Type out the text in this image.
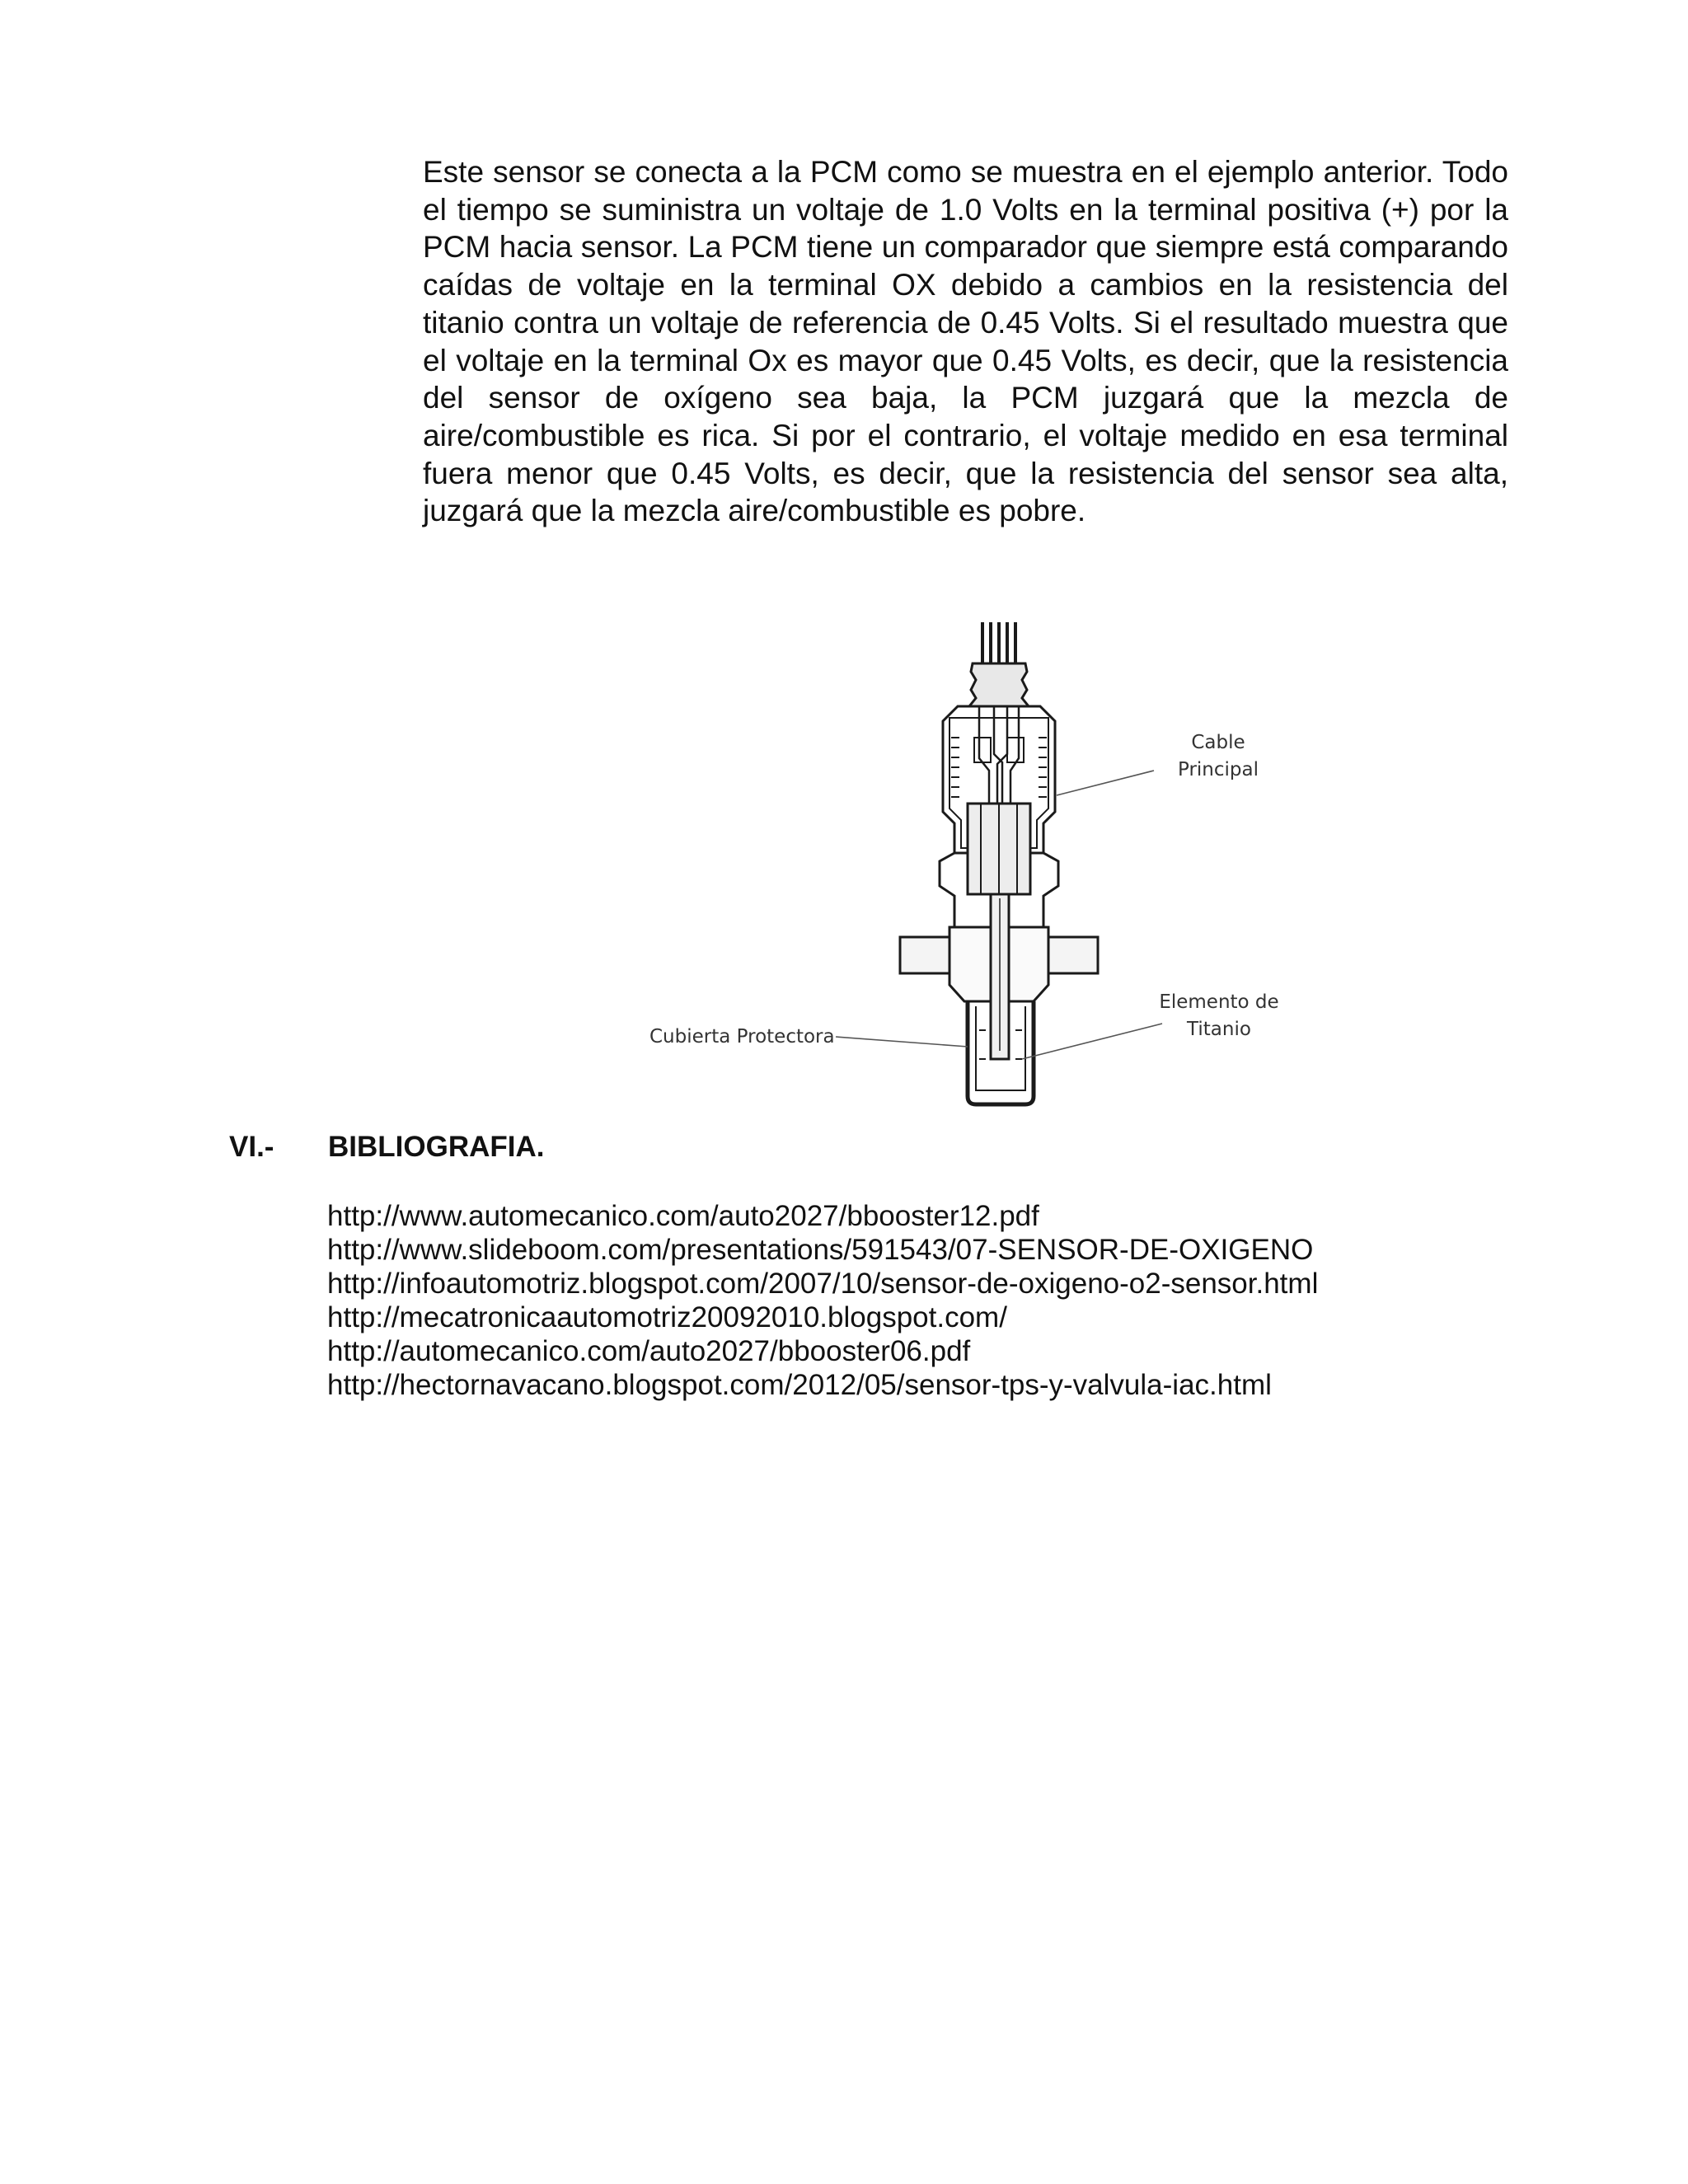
Este sensor se conecta a la PCM como se muestra en el ejemplo anterior. Todo el tiempo se suministra un voltaje de 1.0 Volts en la terminal positiva (+) por la PCM hacia sensor. La PCM tiene un comparador que siempre está comparando caídas de voltaje en la terminal OX debido a cambios en la resistencia del titanio contra un voltaje de referencia de 0.45 Volts. Si el resultado muestra que el voltaje en la terminal Ox es mayor que 0.45 Volts, es decir, que la resistencia del sensor de oxígeno sea baja, la PCM juzgará que la mezcla de aire/combustible es rica. Si por el contrario, el voltaje medido en esa terminal fuera menor que 0.45 Volts, es decir, que la resistencia del sensor sea alta, juzgará que la mezcla aire/combustible es pobre.

Cable
Principal
Elemento de
Titanio
Cubierta Protectora
VI.- BIBLIOGRAFIA.
http://www.automecanico.com/auto2027/bbooster12.pdf
http://www.slideboom.com/presentations/591543/07-SENSOR-DE-OXIGENO
http://infoautomotriz.blogspot.com/2007/10/sensor-de-oxigeno-o2-sensor.html
http://mecatronicaautomotriz20092010.blogspot.com/
http://automecanico.com/auto2027/bbooster06.pdf
http://hectornavacano.blogspot.com/2012/05/sensor-tps-y-valvula-iac.html
